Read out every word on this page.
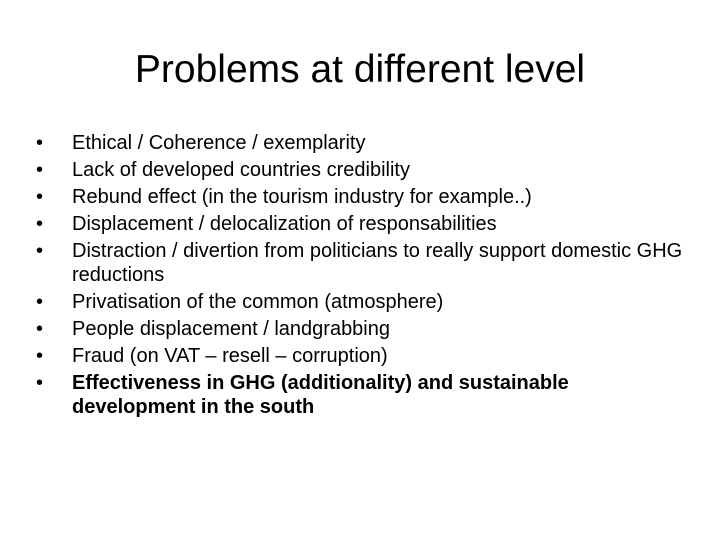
Problems at different level
•	Ethical / Coherence / exemplarity
•	Lack of developed countries credibility
•	Rebund effect (in the tourism industry for example..)
•	Displacement / delocalization of responsabilities
•	Distraction / divertion from politicians to really support domestic GHG reductions
•	Privatisation of the common (atmosphere)
•	People displacement / landgrabbing
•	Fraud (on VAT – resell – corruption)
•	Effectiveness in GHG (additionality) and sustainable development in the south
